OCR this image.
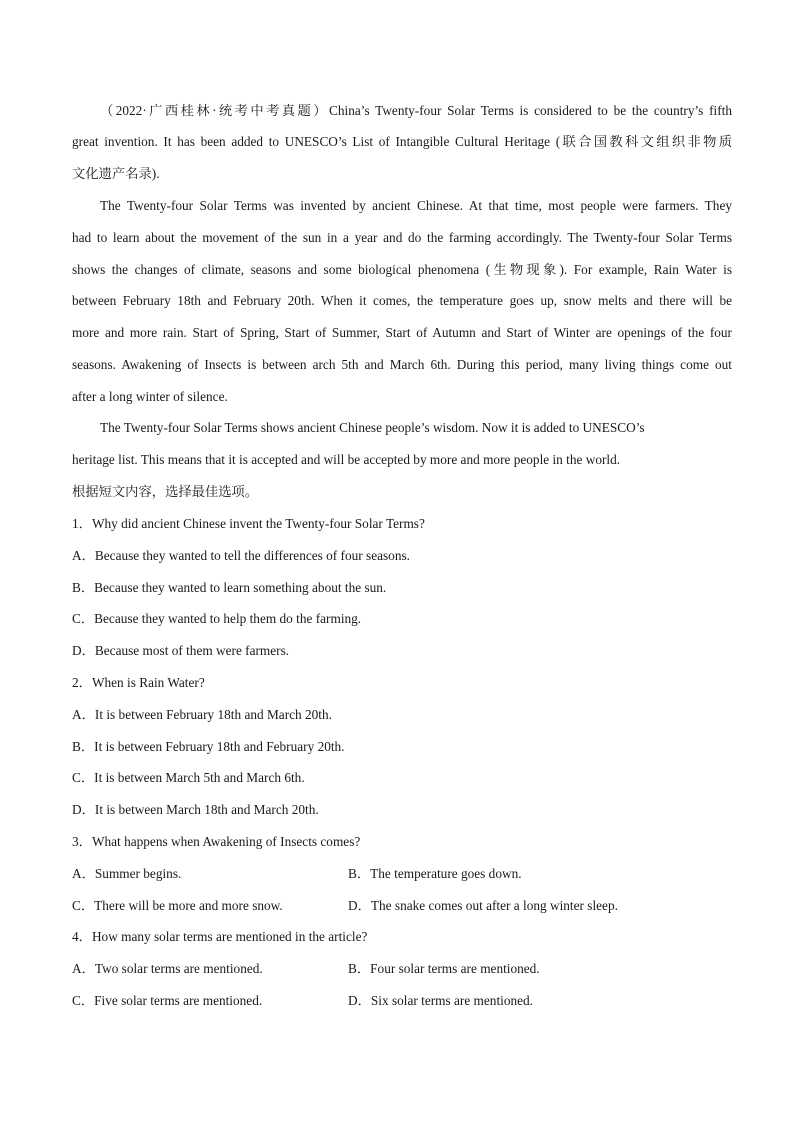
（2022·广西桂林·统考中考真题）China’s Twenty-four Solar Terms is considered to be the country’s fifth
great invention. It has been added to UNESCO’s List of Intangible Cultural Heritage (联合国教科文组织非物质
文化遗产名录).
The Twenty-four Solar Terms was invented by ancient Chinese. At that time, most people were farmers. They
had to learn about the movement of the sun in a year and do the farming accordingly. The Twenty-four Solar Terms
shows the changes of climate, seasons and some biological phenomena (生物现象). For example, Rain Water is
between February 18th and February 20th. When it comes, the temperature goes up, snow melts and there will be
more and more rain. Start of Spring, Start of Summer, Start of Autumn and Start of Winter are openings of the four
seasons. Awakening of Insects is between arch 5th and March 6th. During this period, many living things come out
after a long winter of silence.
The Twenty-four Solar Terms shows ancient Chinese people’s wisdom. Now it is added to UNESCO’s
heritage list. This means that it is accepted and will be accepted by more and more people in the world.
根据短文内容，选择最佳选项。
1．Why did ancient Chinese invent the Twenty-four Solar Terms?
A．Because they wanted to tell the differences of four seasons.
B．Because they wanted to learn something about the sun.
C．Because they wanted to help them do the farming.
D．Because most of them were farmers.
2．When is Rain Water?
A．It is between February 18th and March 20th.
B．It is between February 18th and February 20th.
C．It is between March 5th and March 6th.
D．It is between March 18th and March 20th.
3．What happens when Awakening of Insects comes?
A．Summer begins.	B．The temperature goes down.
C．There will be more and more snow.	D．The snake comes out after a long winter sleep.
4．How many solar terms are mentioned in the article?
A．Two solar terms are mentioned.	B．Four solar terms are mentioned.
C．Five solar terms are mentioned.	D．Six solar terms are mentioned.
